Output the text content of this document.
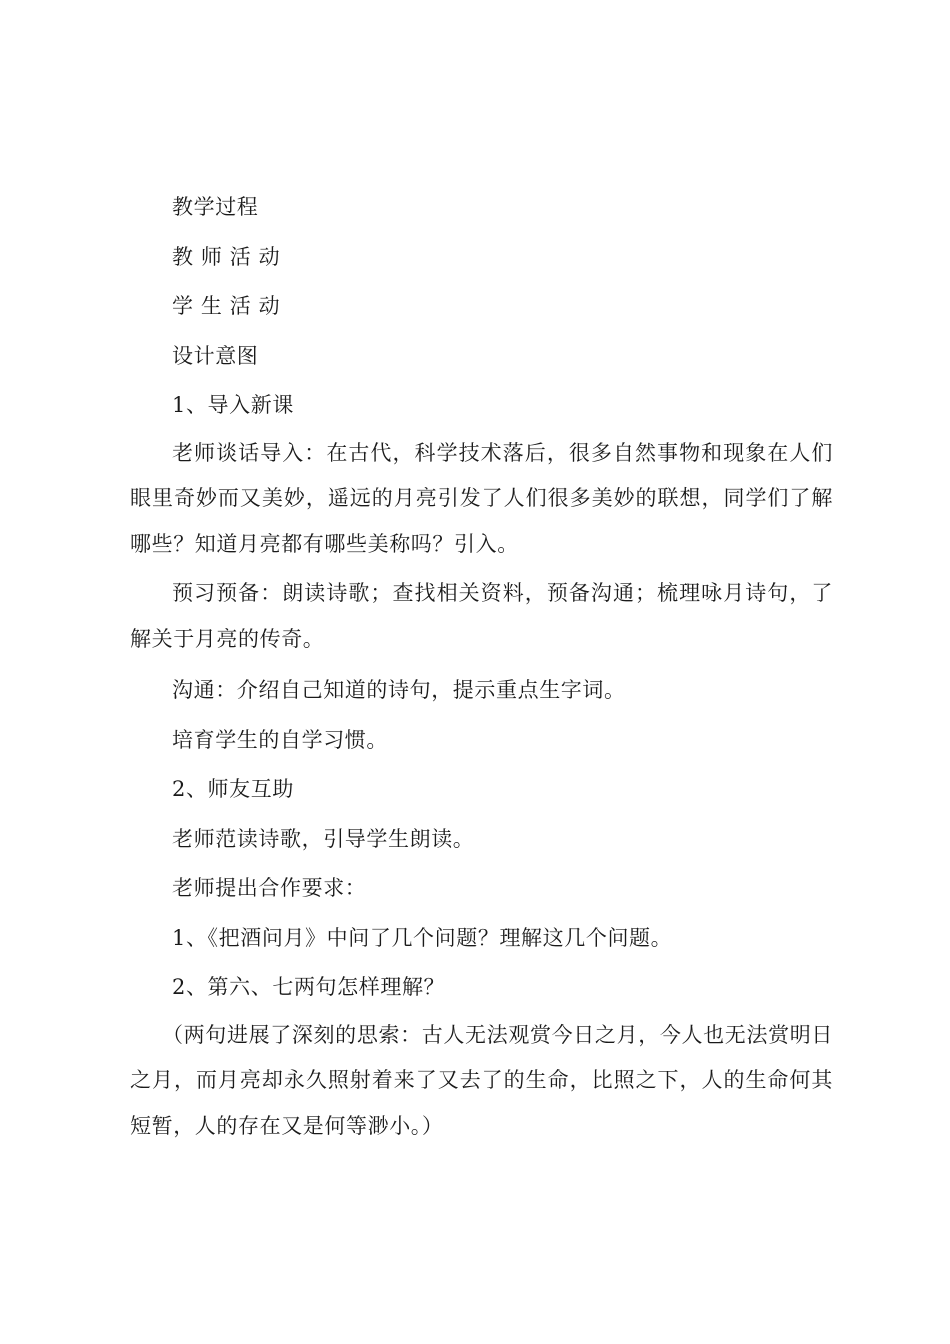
教学过程

教 师 活 动

学 生 活 动

设计意图

1、导入新课

老师谈话导入：在古代，科学技术落后，很多自然事物和现象在人们眼里奇妙而又美妙，遥远的月亮引发了人们很多美妙的联想，同学们了解哪些？知道月亮都有哪些美称吗？引入。

预习预备：朗读诗歌；查找相关资料，预备沟通；梳理咏月诗句，了解关于月亮的传奇。

沟通：介绍自己知道的诗句，提示重点生字词。

培育学生的自学习惯。

2、师友互助

老师范读诗歌，引导学生朗读。

老师提出合作要求：

1、《把酒问月》中问了几个问题？理解这几个问题。

2、第六、七两句怎样理解？

（两句进展了深刻的思索：古人无法观赏今日之月，今人也无法赏明日之月，而月亮却永久照射着来了又去了的生命，比照之下，人的生命何其短暂，人的存在又是何等渺小。）
